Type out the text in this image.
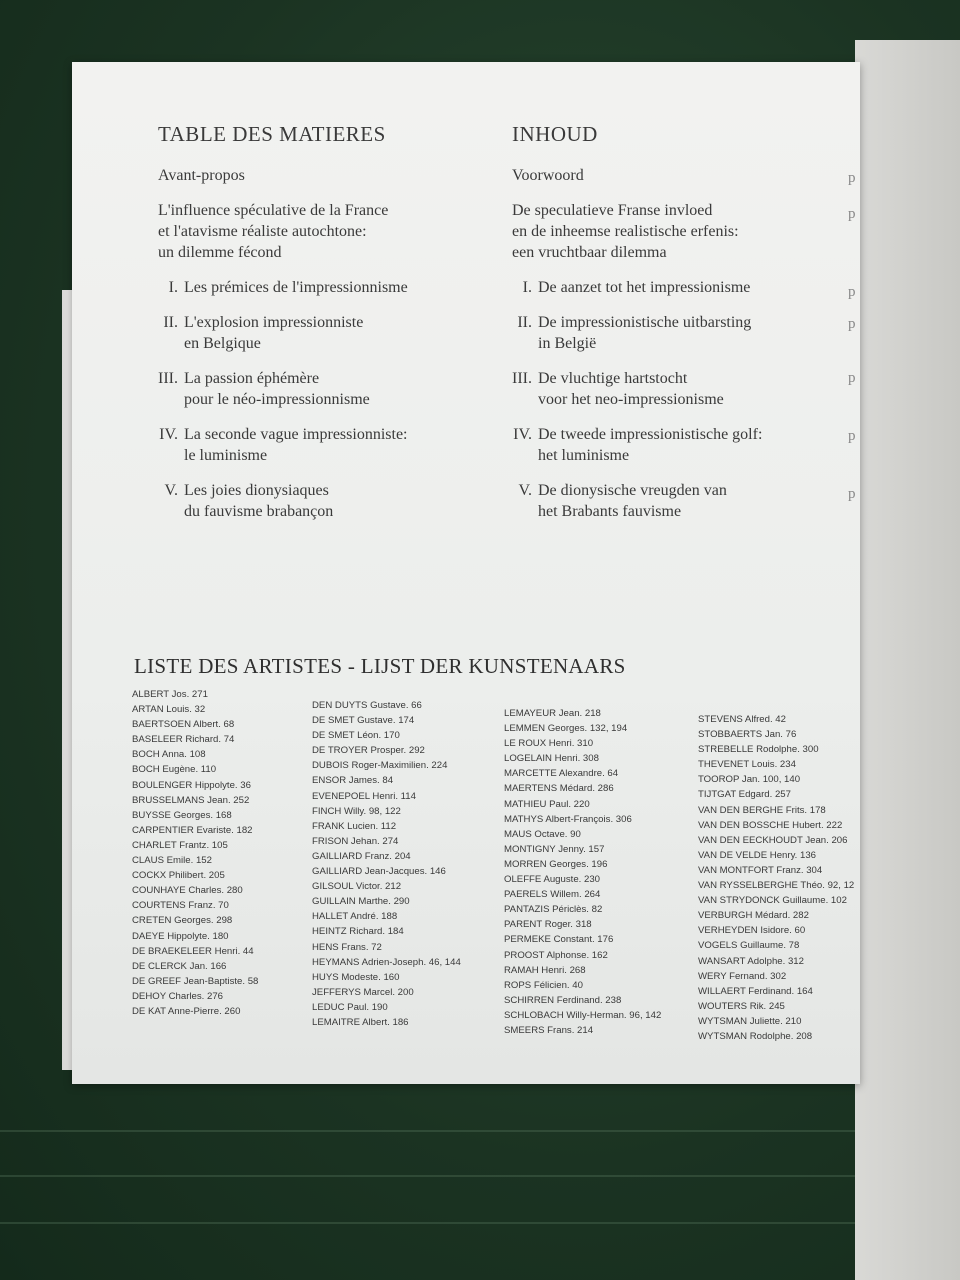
TABLE DES MATIERES
Avant-propos
L'influence spéculative de la France
et l'atavisme réaliste autochtone:
un dilemme fécond
I. Les prémices de l'impressionnisme
II. L'explosion impressionniste
en Belgique
III. La passion éphémère
pour le néo-impressionnisme
IV. La seconde vague impressionniste:
le luminisme
V. Les joies dionysiaques
du fauvisme brabançon
INHOUD
Voorwoord
De speculatieve Franse invloed
en de inheemse realistische erfenis:
een vruchtbaar dilemma
I. De aanzet tot het impressionisme
II. De impressionistische uitbarsting
in België
III. De vluchtige hartstocht
voor het neo-impressionisme
IV. De tweede impressionistische golf:
het luminisme
V. De dionysische vreugden van
het Brabants fauvisme
p
p
p
p
p
p
p
LISTE DES ARTISTES - LIJST DER KUNSTENAARS
ALBERT Jos. 271
ARTAN Louis. 32
BAERTSOEN Albert. 68
BASELEER Richard. 74
BOCH Anna. 108
BOCH Eugène. 110
BOULENGER Hippolyte. 36
BRUSSELMANS Jean. 252
BUYSSE Georges. 168
CARPENTIER Evariste. 182
CHARLET Frantz. 105
CLAUS Emile. 152
COCKX Philibert. 205
COUNHAYE Charles. 280
COURTENS Franz. 70
CRETEN Georges. 298
DAEYE Hippolyte. 180
DE BRAEKELEER Henri. 44
DE CLERCK Jan. 166
DE GREEF Jean-Baptiste. 58
DEHOY Charles. 276
DE KAT Anne-Pierre. 260
DEN DUYTS Gustave. 66
DE SMET Gustave. 174
DE SMET Léon. 170
DE TROYER Prosper. 292
DUBOIS Roger-Maximilien. 224
ENSOR James. 84
EVENEPOEL Henri. 114
FINCH Willy. 98, 122
FRANK Lucien. 112
FRISON Jehan. 274
GAILLIARD Franz. 204
GAILLIARD Jean-Jacques. 146
GILSOUL Victor. 212
GUILLAIN Marthe. 290
HALLET André. 188
HEINTZ Richard. 184
HENS Frans. 72
HEYMANS Adrien-Joseph. 46, 144
HUYS Modeste. 160
JEFFERYS Marcel. 200
LEDUC Paul. 190
LEMAITRE Albert. 186
LEMAYEUR Jean. 218
LEMMEN Georges. 132, 194
LE ROUX Henri. 310
LOGELAIN Henri. 308
MARCETTE Alexandre. 64
MAERTENS Médard. 286
MATHIEU Paul. 220
MATHYS Albert-François. 306
MAUS Octave. 90
MONTIGNY Jenny. 157
MORREN Georges. 196
OLEFFE Auguste. 230
PAERELS Willem. 264
PANTAZIS Périclès. 82
PARENT Roger. 318
PERMEKE Constant. 176
PROOST Alphonse. 162
RAMAH Henri. 268
ROPS Félicien. 40
SCHIRREN Ferdinand. 238
SCHLOBACH Willy-Herman. 96, 142
SMEERS Frans. 214
STEVENS Alfred. 42
STOBBAERTS Jan. 76
STREBELLE Rodolphe. 300
THEVENET Louis. 234
TOOROP Jan. 100, 140
TIJTGAT Edgard. 257
VAN DEN BERGHE Frits. 178
VAN DEN BOSSCHE Hubert. 222
VAN DEN EECKHOUDT Jean. 206
VAN DE VELDE Henry. 136
VAN MONTFORT Franz. 304
VAN RYSSELBERGHE Théo. 92, 12
VAN STRYDONCK Guillaume. 102
VERBURGH Médard. 282
VERHEYDEN Isidore. 60
VOGELS Guillaume. 78
WANSART Adolphe. 312
WERY Fernand. 302
WILLAERT Ferdinand. 164
WOUTERS Rik. 245
WYTSMAN Juliette. 210
WYTSMAN Rodolphe. 208
